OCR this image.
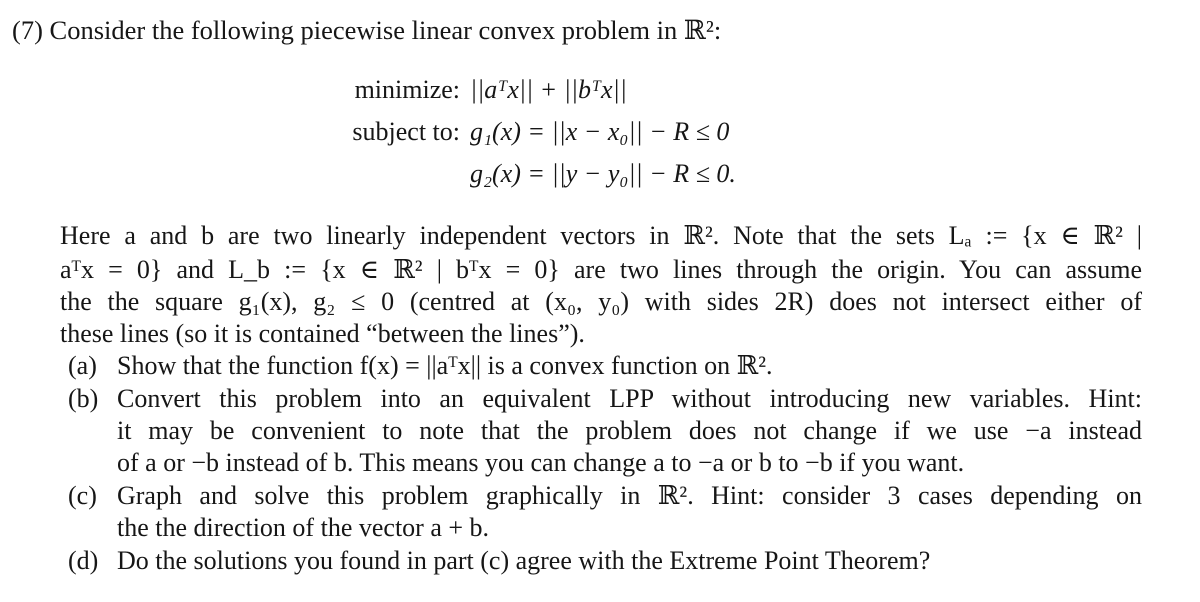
(7) Consider the following piecewise linear convex problem in ℝ²:
minimize: ||aᵀx|| + ||bᵀx||
subject to: g₁(x) = ||x − x₀|| − R ≤ 0
g₂(x) = ||y − y₀|| − R ≤ 0.
Here a and b are two linearly independent vectors in ℝ². Note that the sets Lₐ := {x ∈ ℝ² |
aᵀx = 0} and L_b := {x ∈ ℝ² | bᵀx = 0} are two lines through the origin. You can assume
the the square g₁(x), g₂ ≤ 0 (centred at (x₀, y₀) with sides 2R) does not intersect either of
these lines (so it is contained “between the lines”).
(a) Show that the function f(x) = ||aᵀx|| is a convex function on ℝ².
(b) Convert this problem into an equivalent LPP without introducing new variables. Hint:
it may be convenient to note that the problem does not change if we use −a instead
of a or −b instead of b. This means you can change a to −a or b to −b if you want.
(c) Graph and solve this problem graphically in ℝ². Hint: consider 3 cases depending on
the the direction of the vector a + b.
(d) Do the solutions you found in part (c) agree with the Extreme Point Theorem?
